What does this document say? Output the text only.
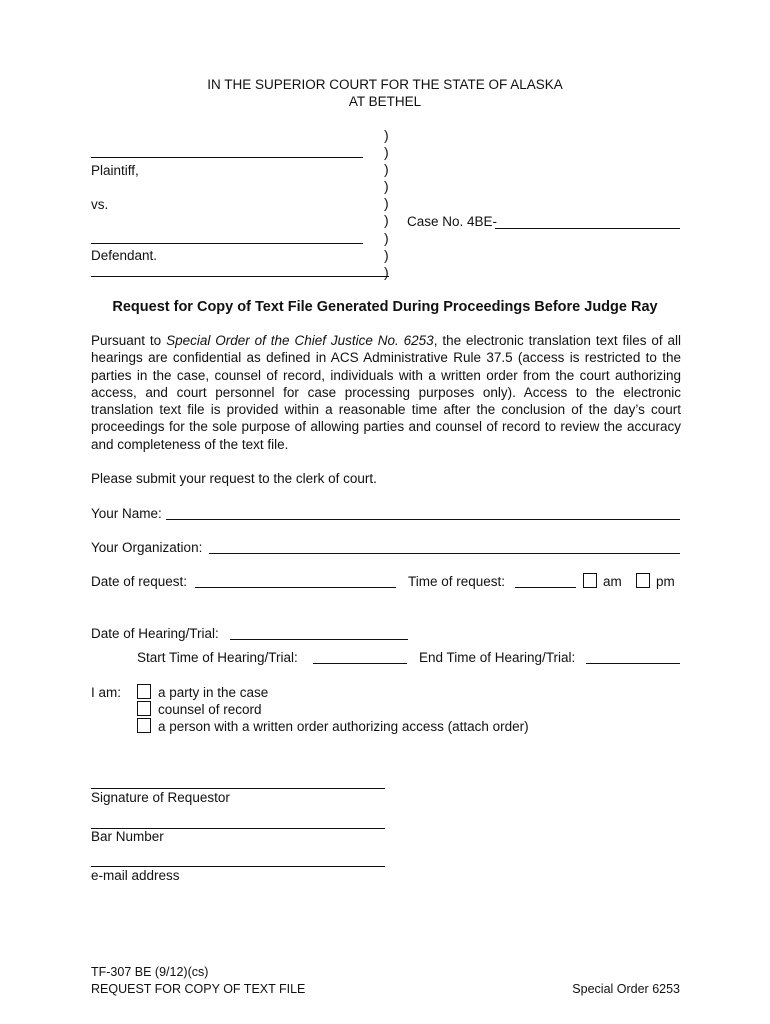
IN THE SUPERIOR COURT FOR THE STATE OF ALASKA
AT BETHEL
Plaintiff,
vs.
Defendant.
)
)
)
)
)
)
)
)
)
Case No. 4BE-
Request for Copy of Text File Generated During Proceedings Before Judge Ray
Pursuant to Special Order of the Chief Justice No. 6253, the electronic translation text files of all hearings are confidential as defined in ACS Administrative Rule 37.5 (access is restricted to the parties in the case, counsel of record, individuals with a written order from the court authorizing access, and court personnel for case processing purposes only). Access to the electronic translation text file is provided within a reasonable time after the conclusion of the day’s court proceedings for the sole purpose of allowing parties and counsel of record to review the accuracy and completeness of the text file.
Please submit your request to the clerk of court.
Your Name:
Your Organization:
Date of request:	Time of request:	am	pm
Date of Hearing/Trial:
Start Time of Hearing/Trial:	End Time of Hearing/Trial:
I am:	a party in the case
counsel of record
a person with a written order authorizing access (attach order)
Signature of Requestor
Bar Number
e-mail address
TF-307 BE (9/12)(cs)
REQUEST FOR COPY OF TEXT FILE	Special Order 6253
